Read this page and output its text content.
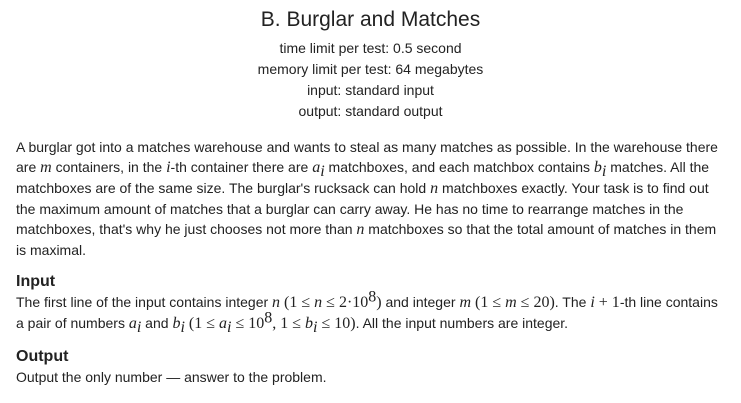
B. Burglar and Matches
time limit per test: 0.5 second
memory limit per test: 64 megabytes
input: standard input
output: standard output
A burglar got into a matches warehouse and wants to steal as many matches as possible. In the warehouse there are m containers, in the i-th container there are $a_i$ matchboxes, and each matchbox contains $b_i$ matches. All the matchboxes are of the same size. The burglar's rucksack can hold n matchboxes exactly. Your task is to find out the maximum amount of matches that a burglar can carry away. He has no time to rearrange matches in the matchboxes, that's why he just chooses not more than n matchboxes so that the total amount of matches in them is maximal.
Input
The first line of the input contains integer n $(1 \le n \le 2\cdot 10^8)$ and integer m (1 ≤ m ≤ 20). The i + 1-th line contains a pair of numbers $a_i$ and $b_i$ ($1 \le a_i \le 10^8$, $1 \le b_i \le 10$). All the input numbers are integer.
Output
Output the only number — answer to the problem.
